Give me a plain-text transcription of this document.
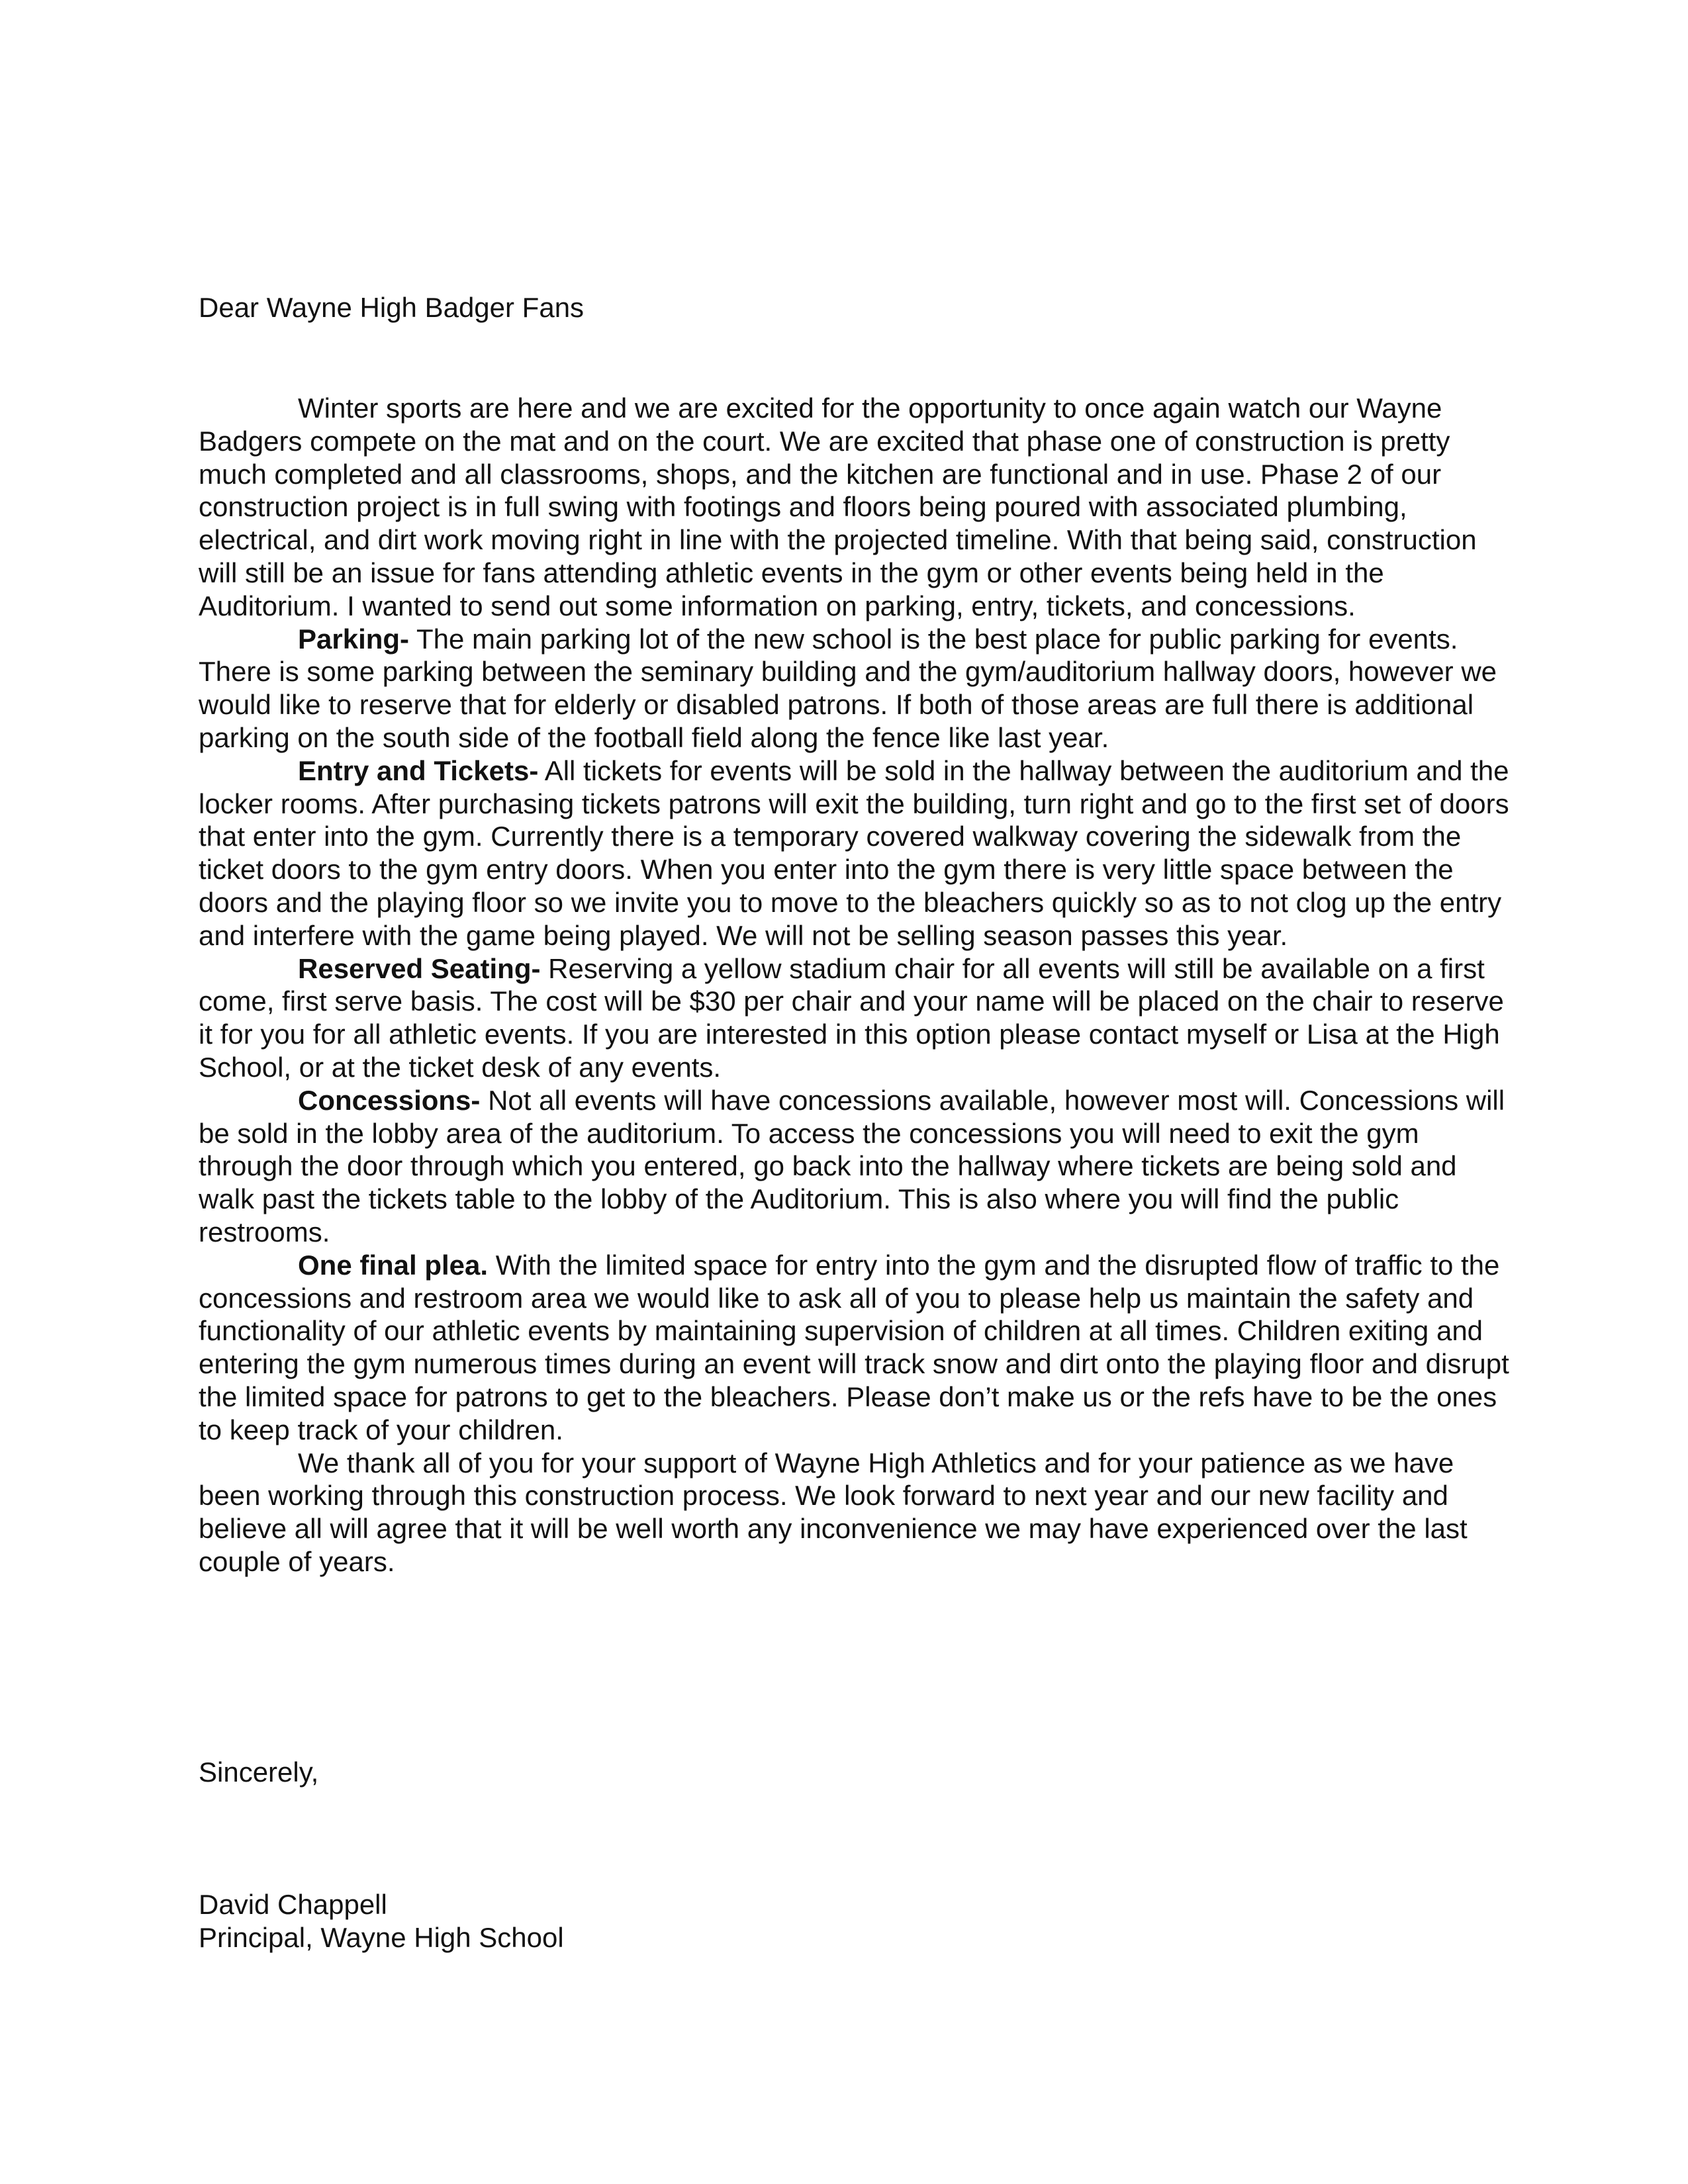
Dear Wayne High Badger Fans

Winter sports are here and we are excited for the opportunity to once again watch our Wayne Badgers compete on the mat and on the court. We are excited that phase one of construction is pretty much completed and all classrooms, shops, and the kitchen are functional and in use. Phase 2 of our construction project is in full swing with footings and floors being poured with associated plumbing, electrical, and dirt work moving right in line with the projected timeline. With that being said, construction will still be an issue for fans attending athletic events in the gym or other events being held in the Auditorium. I wanted to send out some information on parking, entry, tickets, and concessions.

Parking- The main parking lot of the new school is the best place for public parking for events. There is some parking between the seminary building and the gym/auditorium hallway doors, however we would like to reserve that for elderly or disabled patrons. If both of those areas are full there is additional parking on the south side of the football field along the fence like last year.

Entry and Tickets- All tickets for events will be sold in the hallway between the auditorium and the locker rooms. After purchasing tickets patrons will exit the building, turn right and go to the first set of doors that enter into the gym. Currently there is a temporary covered walkway covering the sidewalk from the ticket doors to the gym entry doors. When you enter into the gym there is very little space between the doors and the playing floor so we invite you to move to the bleachers quickly so as to not clog up the entry and interfere with the game being played. We will not be selling season passes this year.

Reserved Seating- Reserving a yellow stadium chair for all events will still be available on a first come, first serve basis. The cost will be $30 per chair and your name will be placed on the chair to reserve it for you for all athletic events. If you are interested in this option please contact myself or Lisa at the High School, or at the ticket desk of any events.

Concessions- Not all events will have concessions available, however most will. Concessions will be sold in the lobby area of the auditorium. To access the concessions you will need to exit the gym through the door through which you entered, go back into the hallway where tickets are being sold and walk past the tickets table to the lobby of the Auditorium. This is also where you will find the public restrooms.

One final plea. With the limited space for entry into the gym and the disrupted flow of traffic to the concessions and restroom area we would like to ask all of you to please help us maintain the safety and functionality of our athletic events by maintaining supervision of children at all times. Children exiting and entering the gym numerous times during an event will track snow and dirt onto the playing floor and disrupt the limited space for patrons to get to the bleachers. Please don’t make us or the refs have to be the ones to keep track of your children.

We thank all of you for your support of Wayne High Athletics and for your patience as we have been working through this construction process. We look forward to next year and our new facility and believe all will agree that it will be well worth any inconvenience we may have experienced over the last couple of years.

Sincerely,

David Chappell
Principal, Wayne High School
